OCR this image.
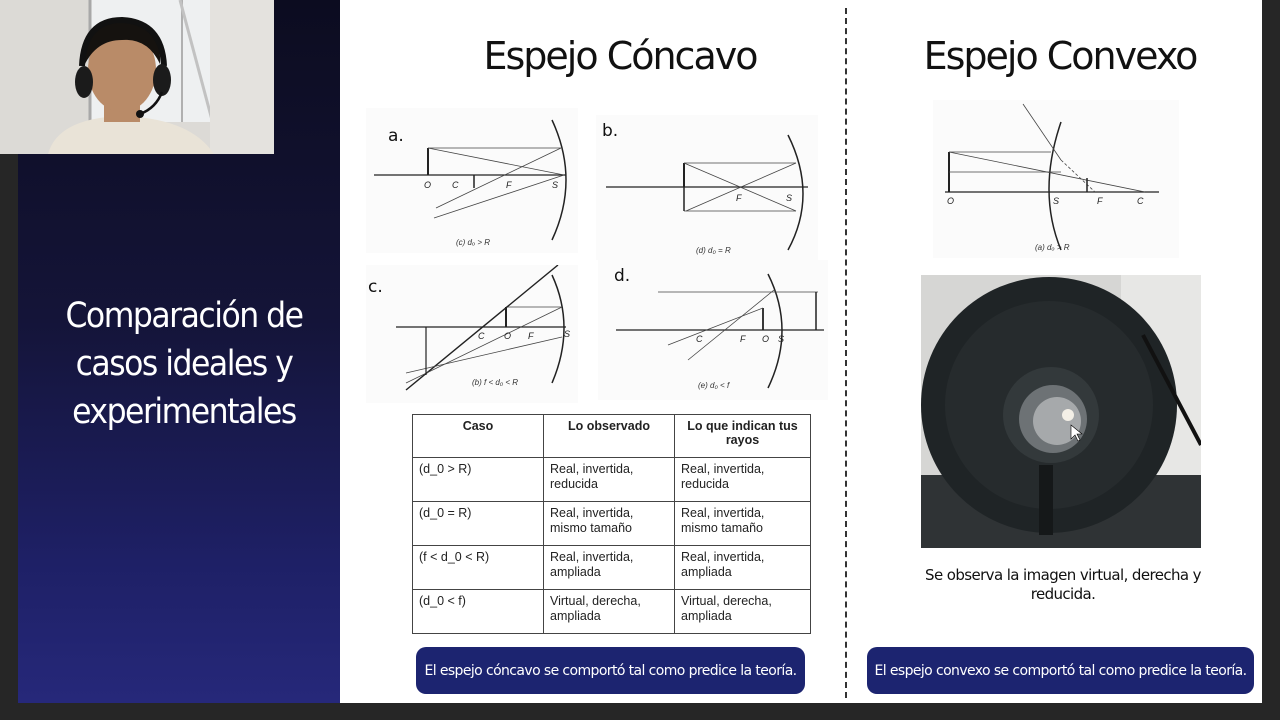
Comparación de
casos ideales y
experimentales
Espejo Cóncavo
a.
O C	F	S
(c) dₒ > R
b.
F	S
(d) d₀ = R
c.
C O F	S
(b) f < d₀ < R
d.
C	F O S
(e) d₀ < f
Caso	Lo observado	Lo que indican tus rayos
(d_0 > R)	Real, invertida, reducida	Real, invertida, reducida
(d_0 = R)	Real, invertida, mismo tamaño	Real, invertida, mismo tamaño
(f < d_0 < R)	Real, invertida, ampliada	Real, invertida, ampliada
(d_0 < f)	Virtual, derecha, ampliada	Virtual, derecha, ampliada
El espejo cóncavo se comportó tal como predice la teoría.
Espejo Convexo
O	S	F	C
(a) dₒ > R
Se observa la imagen virtual, derecha y
reducida.
El espejo convexo se comportó tal como predice la teoría.
